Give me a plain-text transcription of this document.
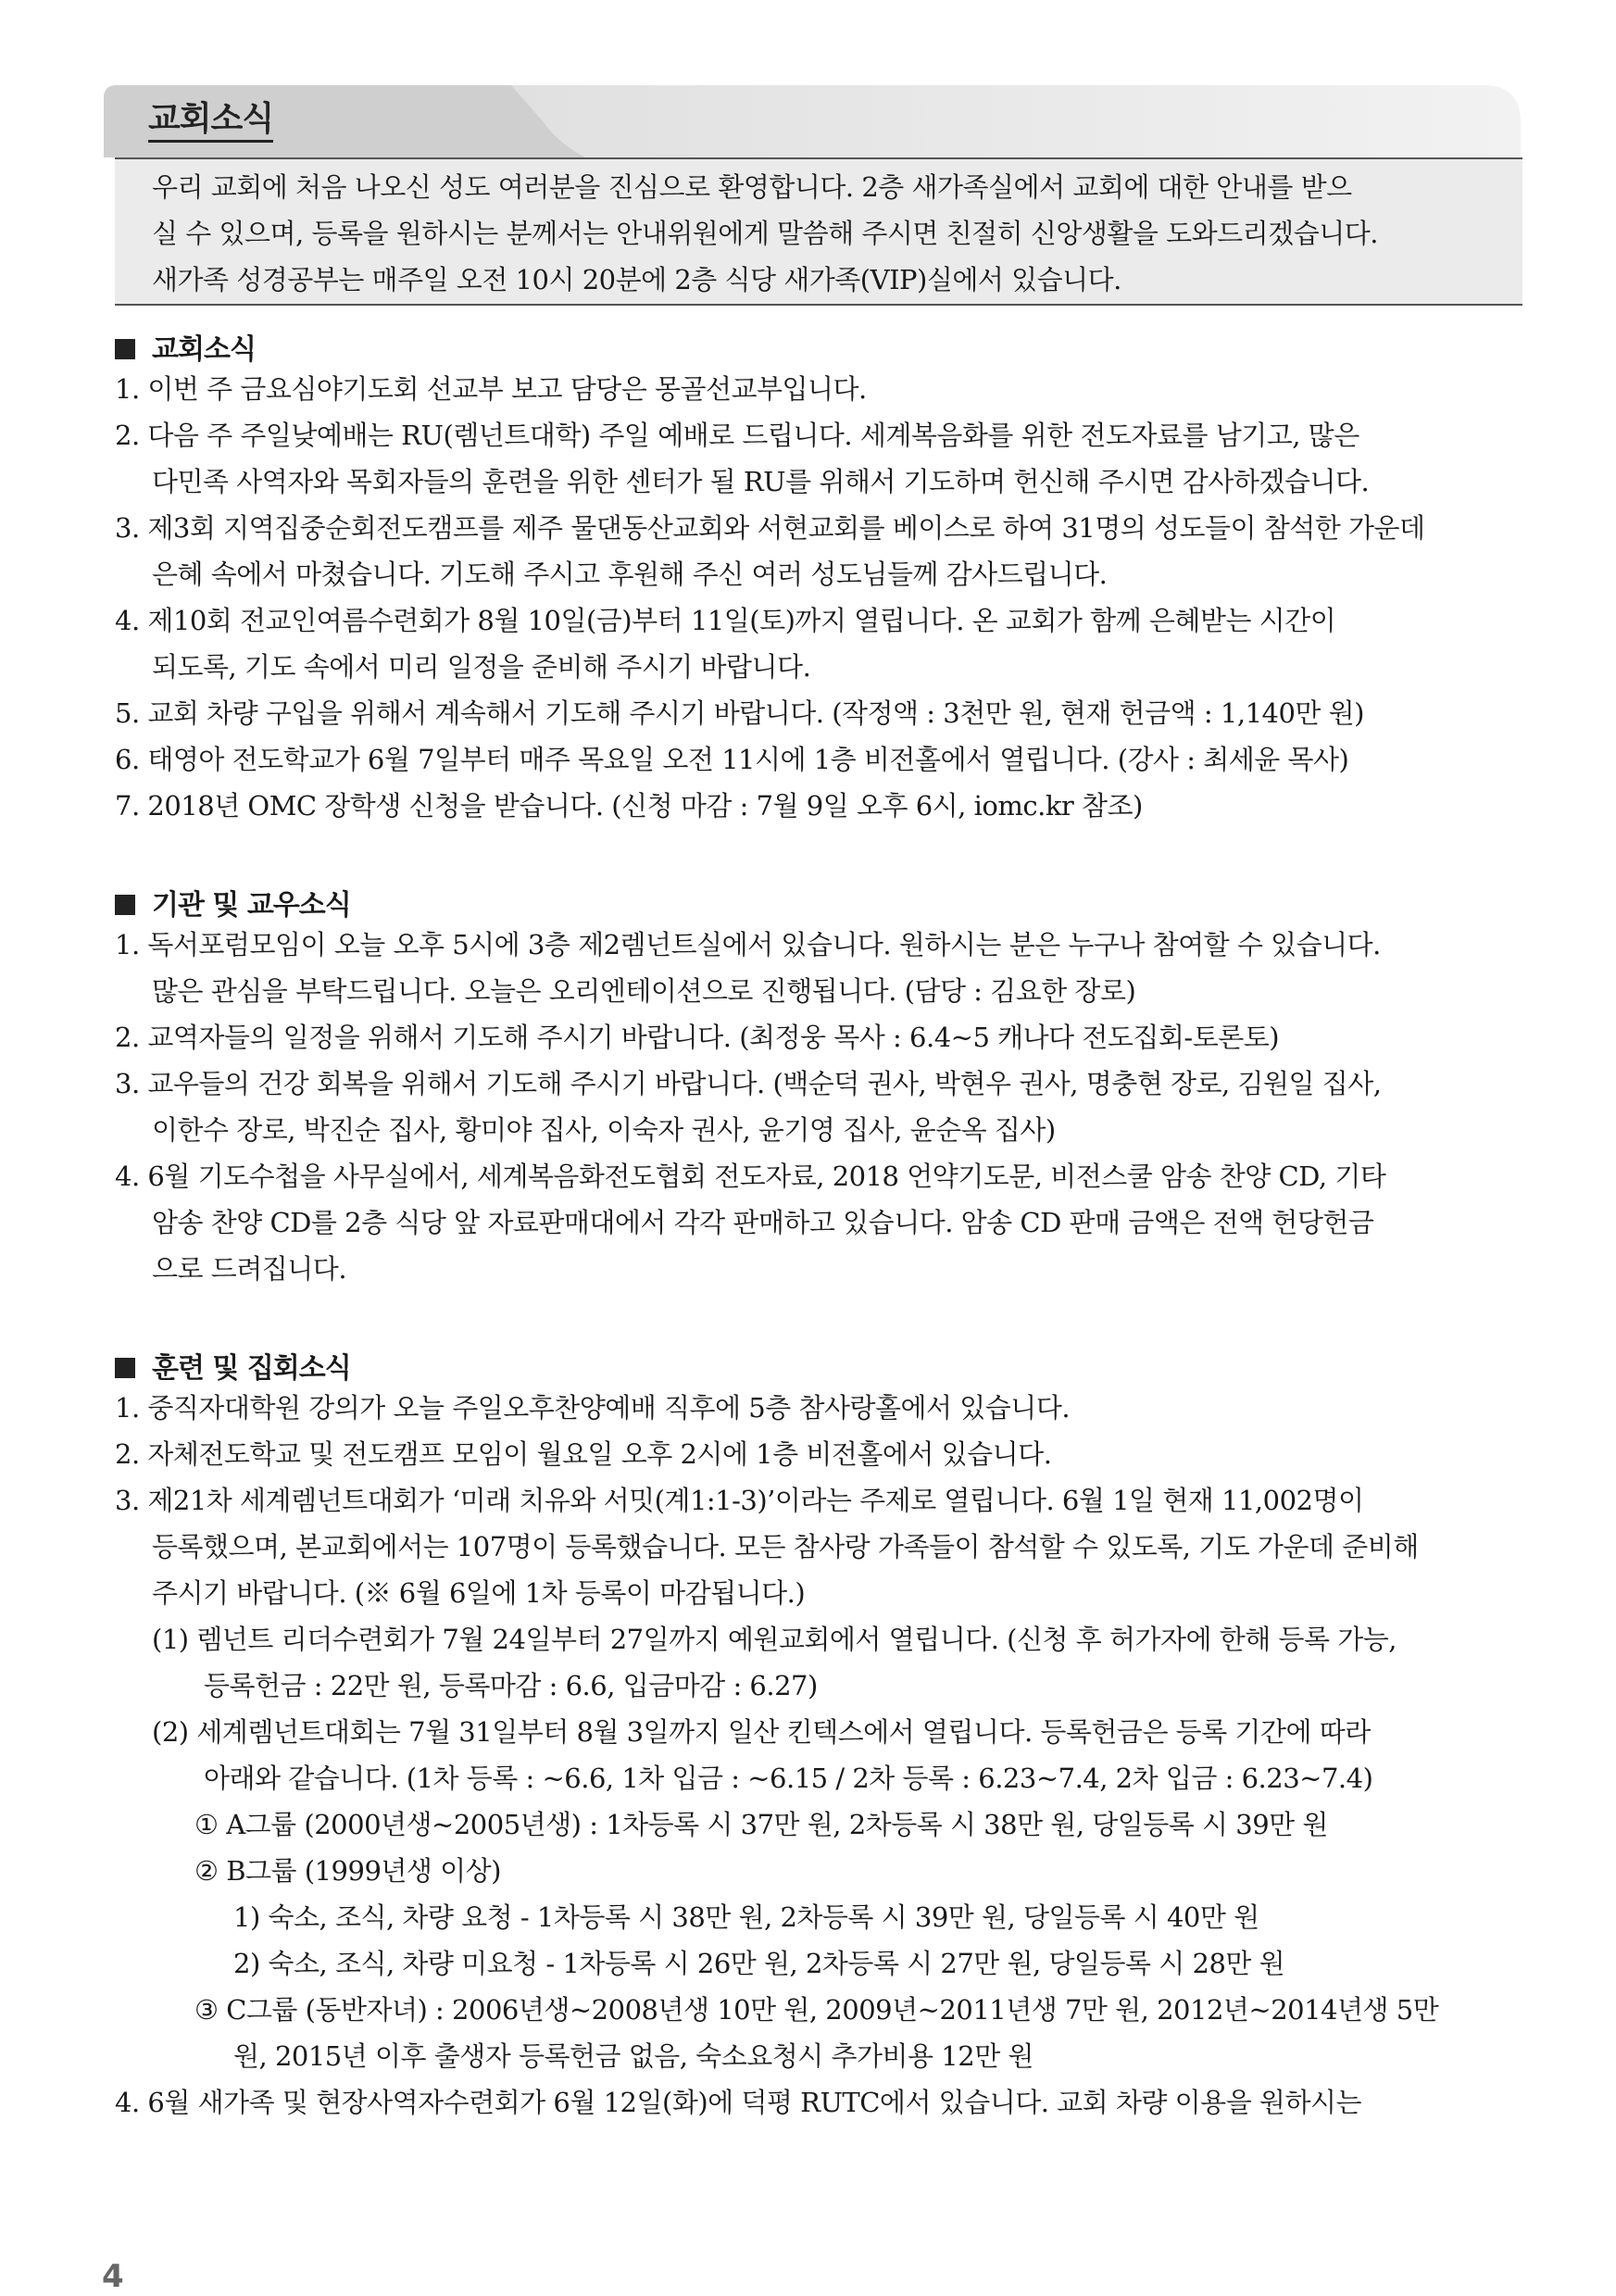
교회소식
우리 교회에 처음 나오신 성도 여러분을 진심으로 환영합니다. 2층 새가족실에서 교회에 대한 안내를 받으
실 수 있으며, 등록을 원하시는 분께서는 안내위원에게 말씀해 주시면 친절히 신앙생활을 도와드리겠습니다.
새가족 성경공부는 매주일 오전 10시 20분에 2층 식당 새가족(VIP)실에서 있습니다.
교회소식
1. 이번 주 금요심야기도회 선교부 보고 담당은 몽골선교부입니다.
2. 다음 주 주일낮예배는 RU(렘넌트대학) 주일 예배로 드립니다. 세계복음화를 위한 전도자료를 남기고, 많은
다민족 사역자와 목회자들의 훈련을 위한 센터가 될 RU를 위해서 기도하며 헌신해 주시면 감사하겠습니다.
3. 제3회 지역집중순회전도캠프를 제주 물댄동산교회와 서현교회를 베이스로 하여 31명의 성도들이 참석한 가운데
은혜 속에서 마쳤습니다. 기도해 주시고 후원해 주신 여러 성도님들께 감사드립니다.
4. 제10회 전교인여름수련회가 8월 10일(금)부터 11일(토)까지 열립니다. 온 교회가 함께 은혜받는 시간이
되도록, 기도 속에서 미리 일정을 준비해 주시기 바랍니다.
5. 교회 차량 구입을 위해서 계속해서 기도해 주시기 바랍니다. (작정액 : 3천만 원, 현재 헌금액 : 1,140만 원)
6. 태영아 전도학교가 6월 7일부터 매주 목요일 오전 11시에 1층 비전홀에서 열립니다. (강사 : 최세윤 목사)
7. 2018년 OMC 장학생 신청을 받습니다. (신청 마감 : 7월 9일 오후 6시, iomc.kr 참조)
기관 및 교우소식
1. 독서포럼모임이 오늘 오후 5시에 3층 제2렘넌트실에서 있습니다. 원하시는 분은 누구나 참여할 수 있습니다.
많은 관심을 부탁드립니다. 오늘은 오리엔테이션으로 진행됩니다. (담당 : 김요한 장로)
2. 교역자들의 일정을 위해서 기도해 주시기 바랍니다. (최정웅 목사 : 6.4~5 캐나다 전도집회-토론토)
3. 교우들의 건강 회복을 위해서 기도해 주시기 바랍니다. (백순덕 권사, 박현우 권사, 명충현 장로, 김원일 집사,
이한수 장로, 박진순 집사, 황미야 집사, 이숙자 권사, 윤기영 집사, 윤순옥 집사)
4. 6월 기도수첩을 사무실에서, 세계복음화전도협회 전도자료, 2018 언약기도문, 비전스쿨 암송 찬양 CD, 기타
암송 찬양 CD를 2층 식당 앞 자료판매대에서 각각 판매하고 있습니다. 암송 CD 판매 금액은 전액 헌당헌금
으로 드려집니다.
훈련 및 집회소식
1. 중직자대학원 강의가 오늘 주일오후찬양예배 직후에 5층 참사랑홀에서 있습니다.
2. 자체전도학교 및 전도캠프 모임이 월요일 오후 2시에 1층 비전홀에서 있습니다.
3. 제21차 세계렘넌트대회가 ‘미래 치유와 서밋(계1:1-3)’이라는 주제로 열립니다. 6월 1일 현재 11,002명이
등록했으며, 본교회에서는 107명이 등록했습니다. 모든 참사랑 가족들이 참석할 수 있도록, 기도 가운데 준비해
주시기 바랍니다. (※ 6월 6일에 1차 등록이 마감됩니다.)
(1) 렘넌트 리더수련회가 7월 24일부터 27일까지 예원교회에서 열립니다. (신청 후 허가자에 한해 등록 가능,
등록헌금 : 22만 원, 등록마감 : 6.6, 입금마감 : 6.27)
(2) 세계렘넌트대회는 7월 31일부터 8월 3일까지 일산 킨텍스에서 열립니다. 등록헌금은 등록 기간에 따라
아래와 같습니다. (1차 등록 : ~6.6, 1차 입금 : ~6.15 / 2차 등록 : 6.23~7.4, 2차 입금 : 6.23~7.4)
① A그룹 (2000년생~2005년생) : 1차등록 시 37만 원, 2차등록 시 38만 원, 당일등록 시 39만 원
② B그룹 (1999년생 이상)
1) 숙소, 조식, 차량 요청 - 1차등록 시 38만 원, 2차등록 시 39만 원, 당일등록 시 40만 원
2) 숙소, 조식, 차량 미요청 - 1차등록 시 26만 원, 2차등록 시 27만 원, 당일등록 시 28만 원
③ C그룹 (동반자녀) : 2006년생~2008년생 10만 원, 2009년~2011년생 7만 원, 2012년~2014년생 5만
원, 2015년 이후 출생자 등록헌금 없음, 숙소요청시 추가비용 12만 원
4. 6월 새가족 및 현장사역자수련회가 6월 12일(화)에 덕평 RUTC에서 있습니다. 교회 차량 이용을 원하시는
4
